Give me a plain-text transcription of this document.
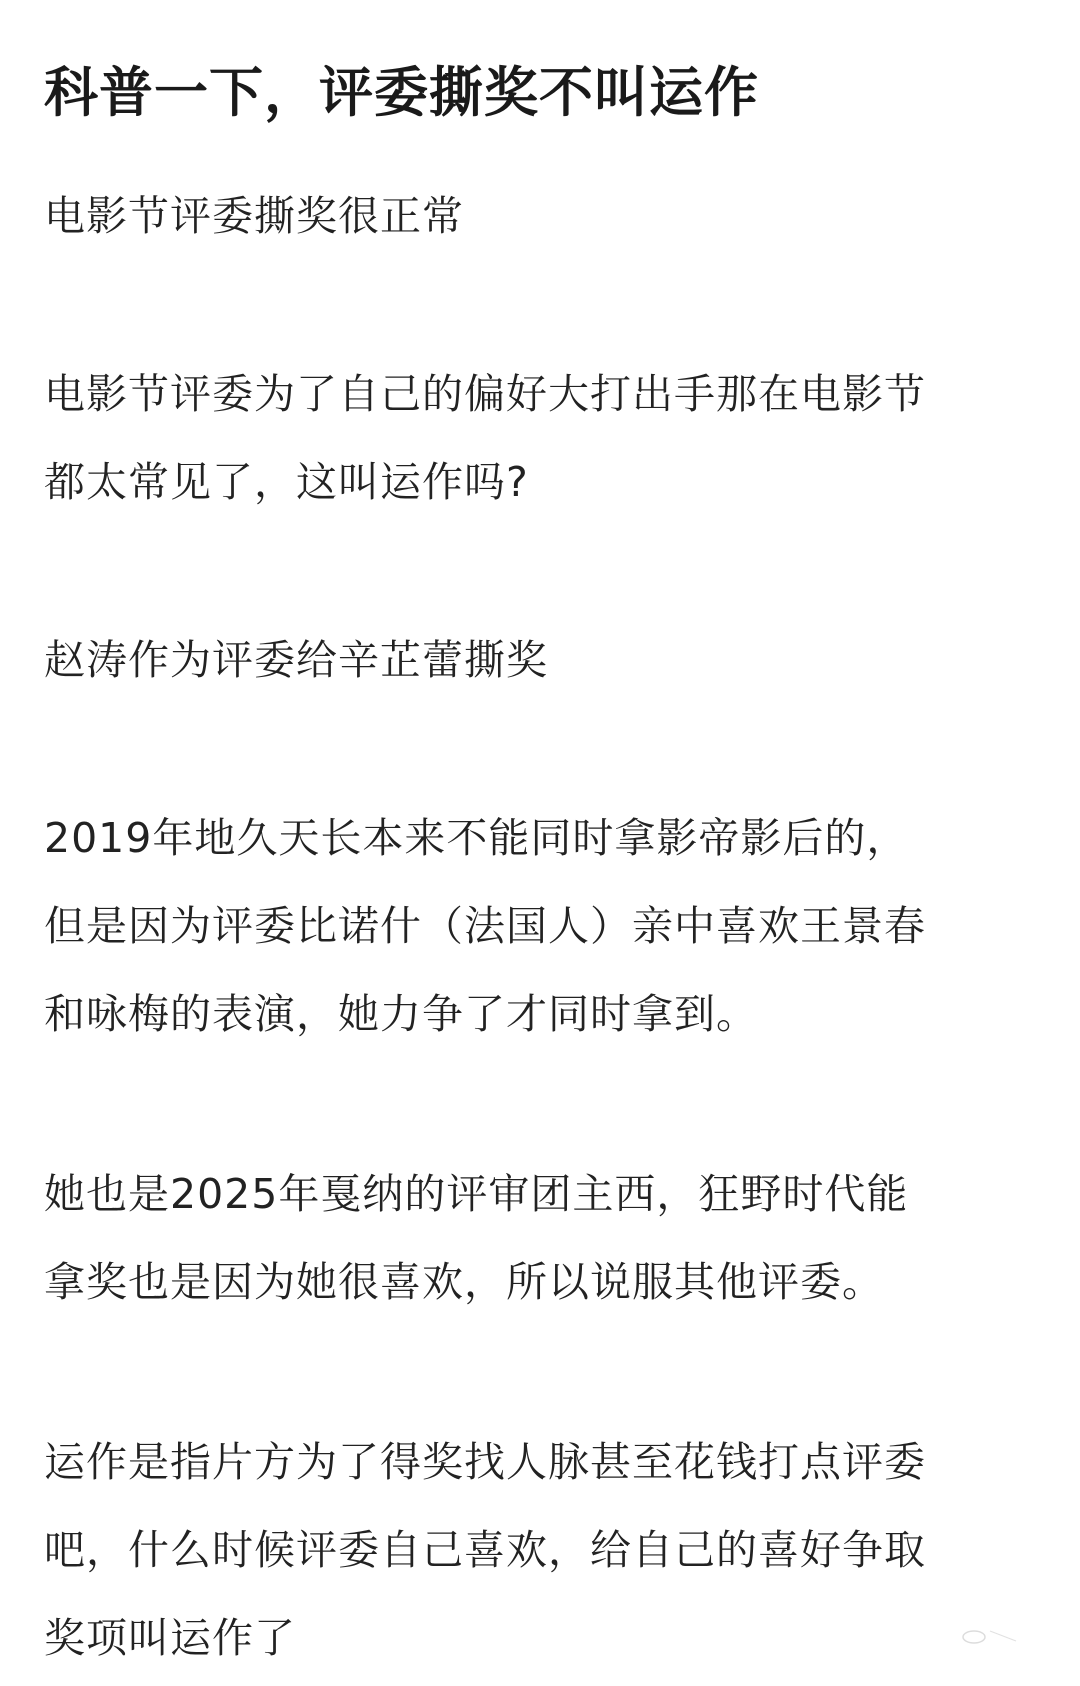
科普一下，评委撕奖不叫运作

电影节评委撕奖很正常

电影节评委为了自己的偏好大打出手那在电影节
都太常见了，这叫运作吗?

赵涛作为评委给辛芷蕾撕奖

2019年地久天长本来不能同时拿影帝影后的，
但是因为评委比诺什（法国人）亲中喜欢王景春
和咏梅的表演，她力争了才同时拿到。

她也是2025年戛纳的评审团主西，狂野时代能
拿奖也是因为她很喜欢，所以说服其他评委。

运作是指片方为了得奖找人脉甚至花钱打点评委
吧，什么时候评委自己喜欢，给自己的喜好争取
奖项叫运作了
